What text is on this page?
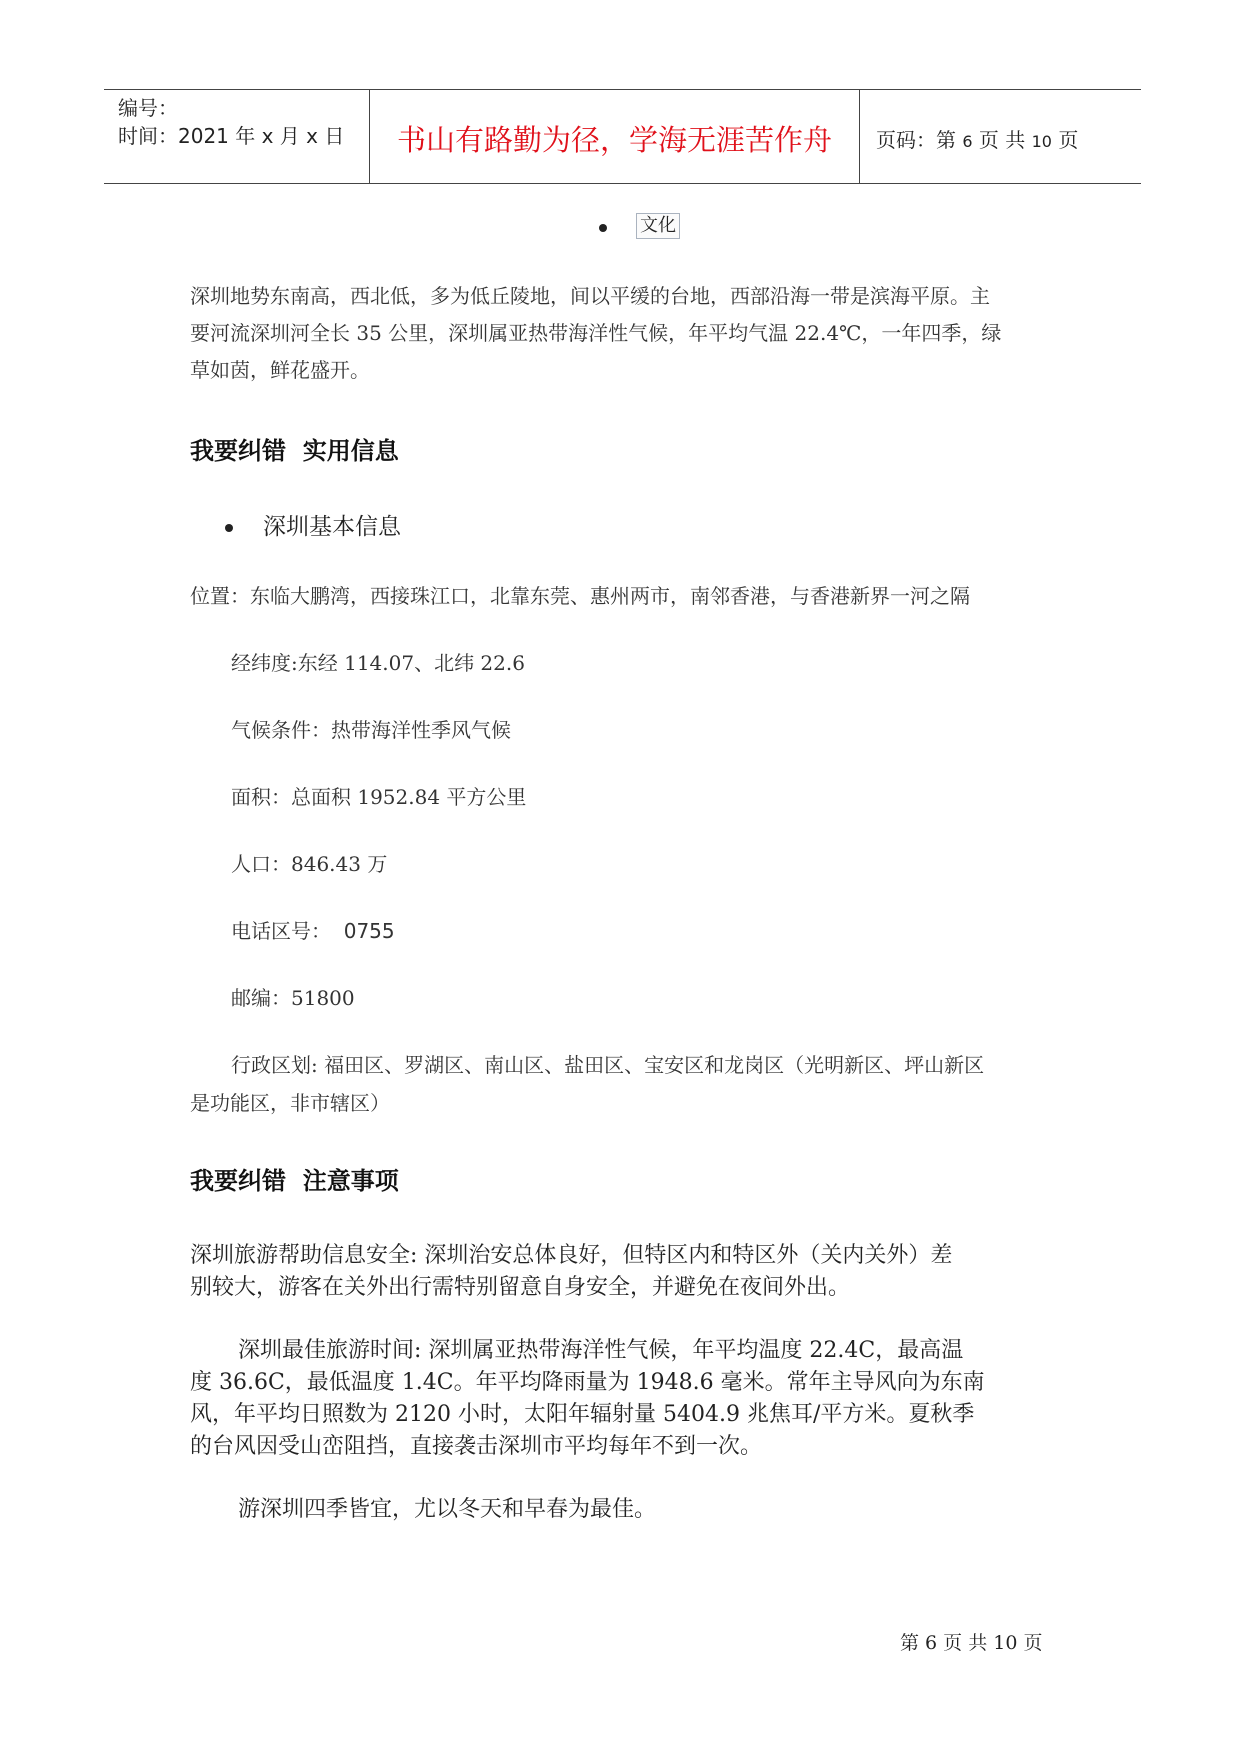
编号：
时间：2021 年 x 月 x 日	书山有路勤为径，学海无涯苦作舟	页码：第 6 页 共 10 页
文化
深圳地势东南高，西北低，多为低丘陵地，间以平缓的台地，西部沿海一带是滨海平原。主
要河流深圳河全长 35 公里，深圳属亚热带海洋性气候，年平均气温 22.4℃，一年四季，绿
草如茵，鲜花盛开。
我要纠错 实用信息
深圳基本信息
位置：东临大鹏湾，西接珠江口，北靠东莞、惠州两市，南邻香港，与香港新界一河之隔
经纬度:东经 114.07、北纬 22.6
气候条件：热带海洋性季风气候
面积：总面积 1952.84 平方公里
人口：846.43 万
电话区号： 0755
邮编：51800
行政区划: 福田区、罗湖区、南山区、盐田区、宝安区和龙岗区（光明新区、坪山新区
是功能区，非市辖区）
我要纠错 注意事项
深圳旅游帮助信息安全: 深圳治安总体良好，但特区内和特区外（关内关外）差
别较大，游客在关外出行需特别留意自身安全，并避免在夜间外出。
深圳最佳旅游时间: 深圳属亚热带海洋性气候，年平均温度 22.4C，最高温
度 36.6C，最低温度 1.4C。年平均降雨量为 1948.6 毫米。常年主导风向为东南
风，年平均日照数为 2120 小时，太阳年辐射量 5404.9 兆焦耳/平方米。夏秋季
的台风因受山峦阻挡，直接袭击深圳市平均每年不到一次。
游深圳四季皆宜，尤以冬天和早春为最佳。
第 6 页 共 10 页
